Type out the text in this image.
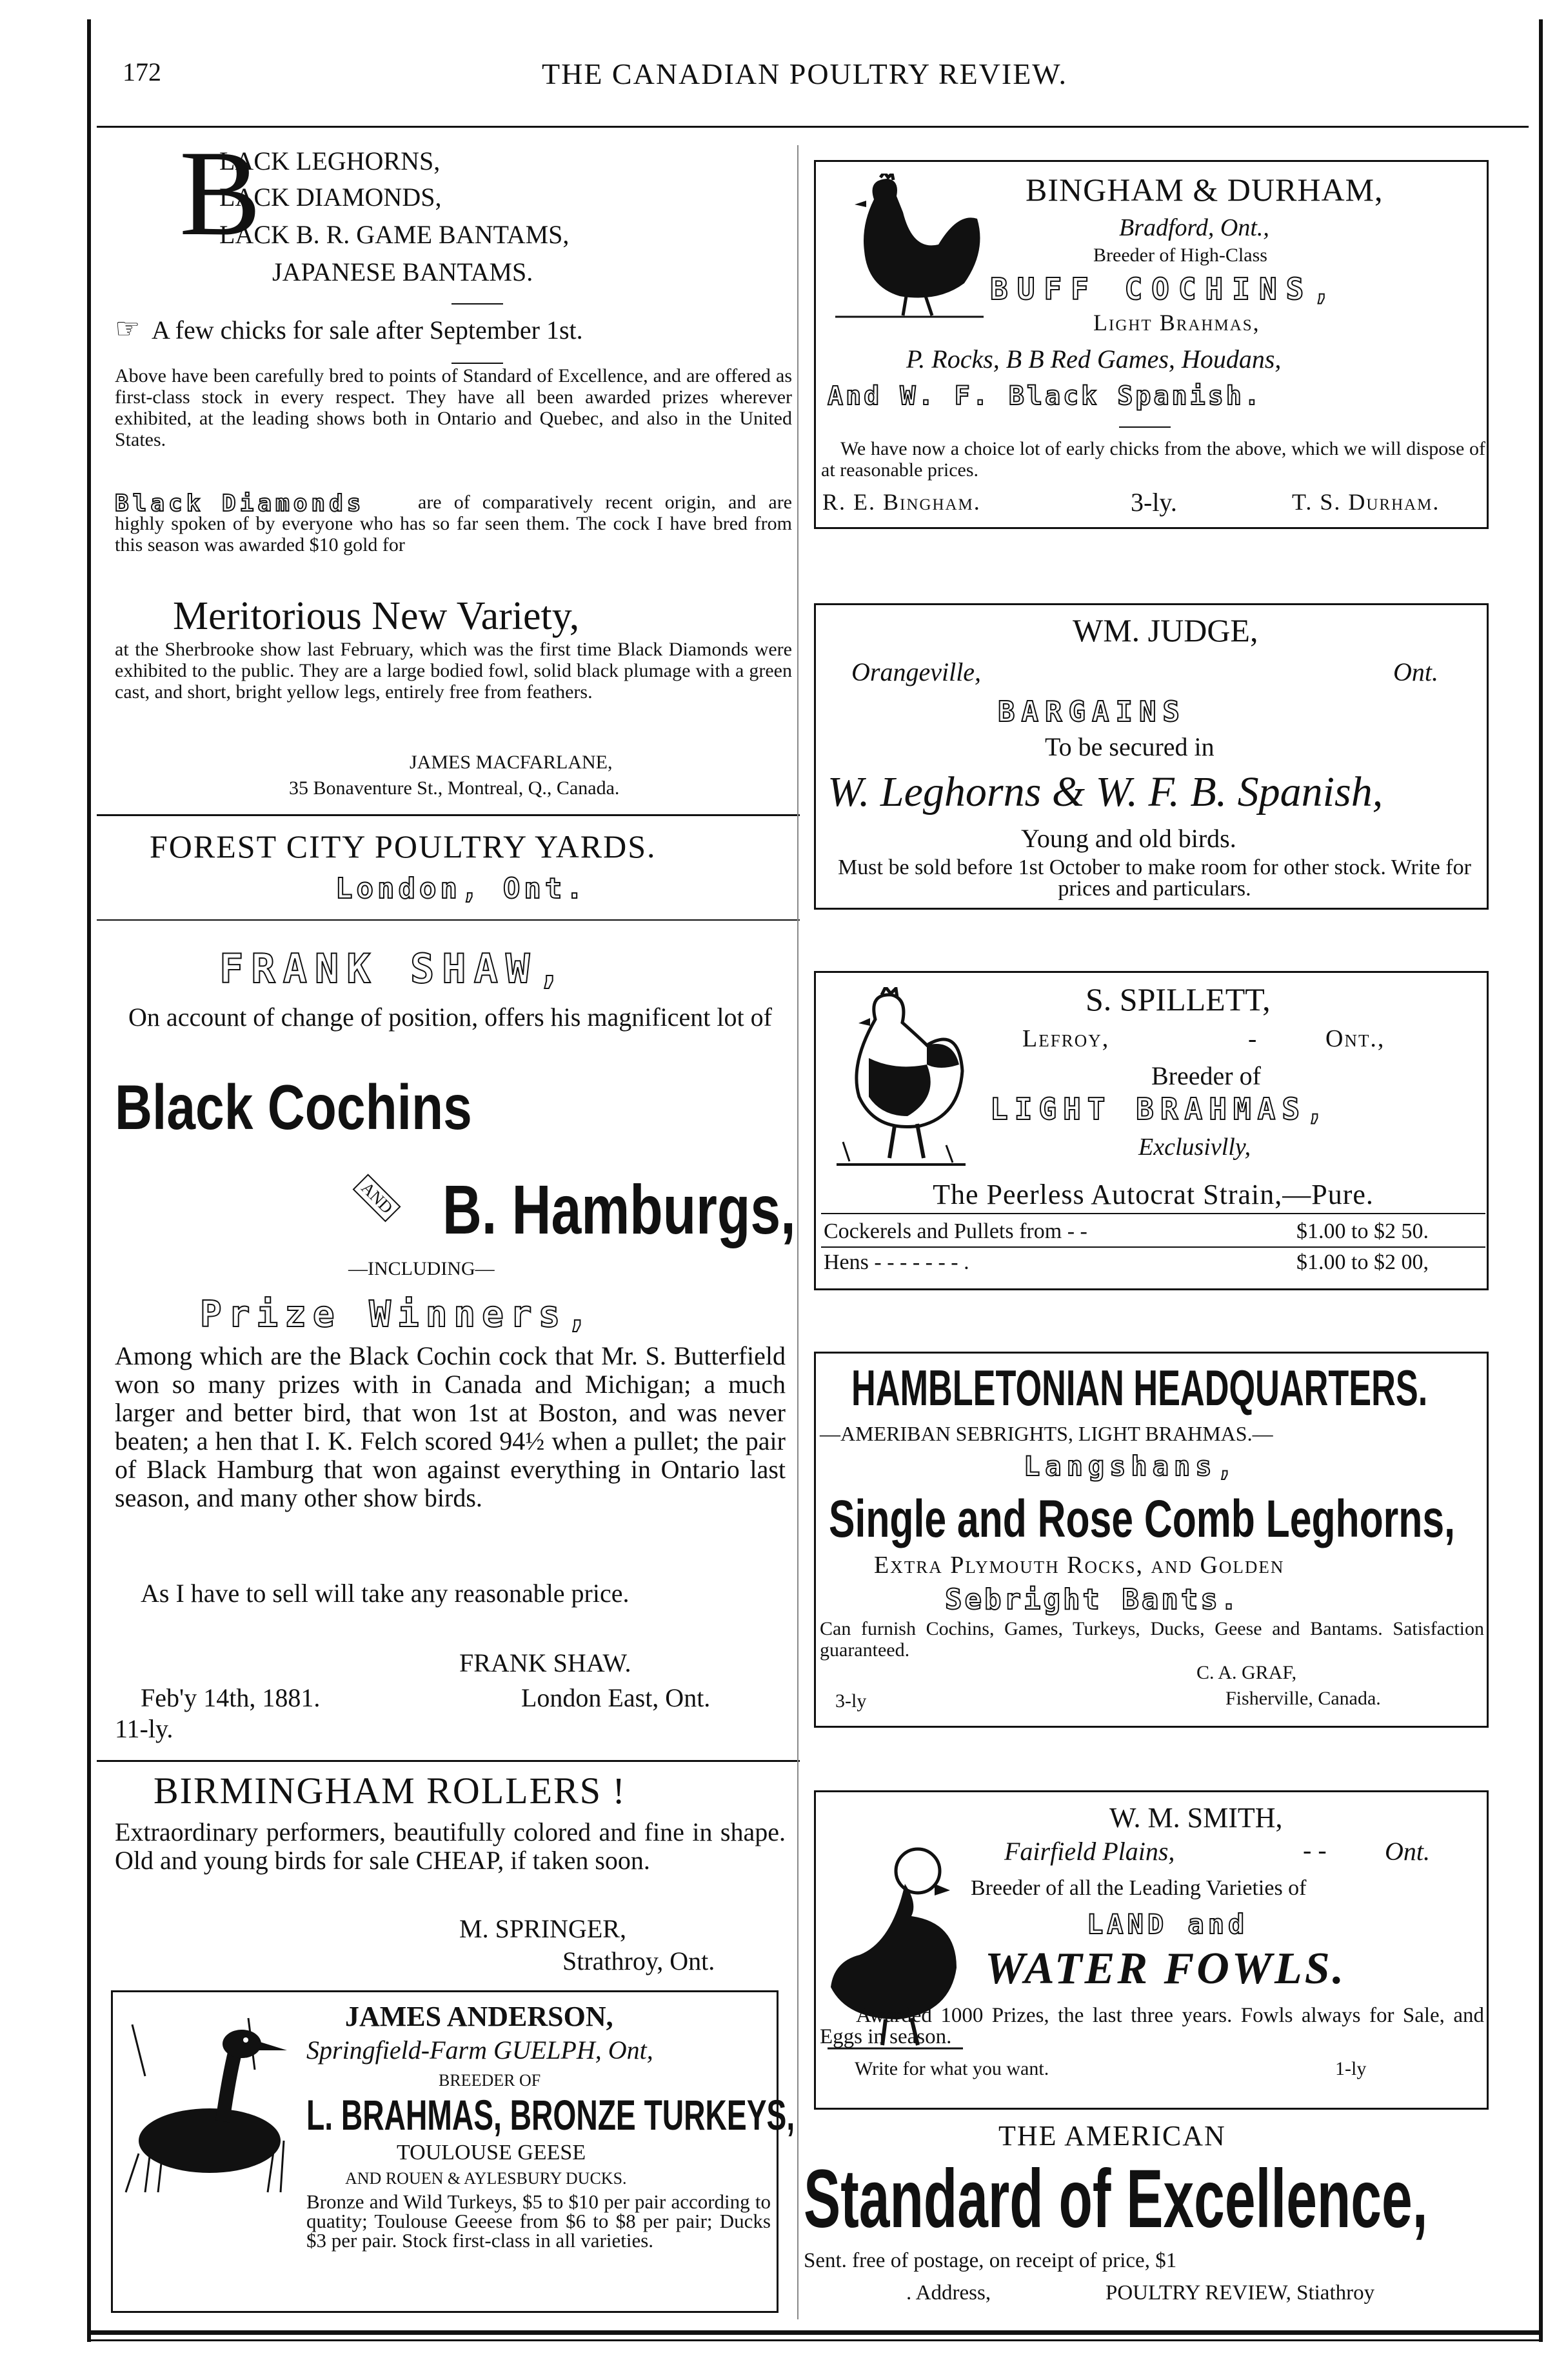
172	THE CANADIAN POULTRY REVIEW.
B
LACK LEGHORNS,
LACK DIAMONDS,
LACK B. R. GAME BANTAMS,
JAPANESE BANTAMS.
☞ A few chicks for sale after September 1st.

Above have been carefully bred to points of Standard of Excellence, and are offered as first-class stock in every respect. They have all been awarded prizes wherever exhibited, at the leading shows both in Ontario and Quebec, and also in the United States.

Black Diamonds	are of comparatively recent origin, and are highly spoken of by everyone who has so far seen them. The cock I have bred from this season was awarded $10 gold for

Meritorious New Variety,

at the Sherbrooke show last February, which was the first time Black Diamonds were exhibited to the public. They are a large bodied fowl, solid black plumage with a green cast, and short, bright yellow legs, entirely free from feathers.

JAMES MACFARLANE,
35 Bonaventure St., Montreal, Q., Canada.
FOREST CITY POULTRY YARDS.
London, Ont.
FRANK SHAW,
On account of change of position, offers his magnificent lot of
Black Cochins
AND B. Hamburgs,
—INCLUDING—
Prize Winners,

Among which are the Black Cochin cock that Mr. S. Butterfield won so many prizes with in Canada and Michigan; a much larger and better bird, that won 1st at Boston, and was never beaten; a hen that I. K. Felch scored 94½ when a pullet; the pair of Black Hamburg that won against everything in Ontario last season, and many other show birds.

As I have to sell will take any reasonable price.

FRANK SHAW.
Feb'y 14th, 1881.	London East, Ont.
11-ly.
BIRMINGHAM ROLLERS !

Extraordinary performers, beautifully colored and fine in shape. Old and young birds for sale CHEAP, if taken soon.

M. SPRINGER,
Strathroy, Ont.
JAMES ANDERSON,
Springfield-Farm GUELPH, Ont,
BREEDER OF
L. BRAHMAS, BRONZE TURKEYS,
TOULOUSE GEESE
AND ROUEN & AYLESBURY DUCKS.

Bronze and Wild Turkeys, $5 to $10 per pair according to quatity; Toulouse Geeese from $6 to $8 per pair; Ducks $3 per pair. Stock first-class in all varieties.

BINGHAM & DURHAM,
Bradford, Ont.,
Breeder of High-Class
BUFF COCHINS,
Light Brahmas,
P. Rocks, B B Red Games, Houdans,
And W. F. Black Spanish.

We have now a choice lot of early chicks from the above, which we will dispose of at reasonable prices.

R. E. Bingham.	3-ly.	T. S. Durham.
WM. JUDGE,
Orangeville,	Ont.
BARGAINS
To be secured in
W. Leghorns & W. F. B. Spanish,
Young and old birds.

Must be sold before 1st October to make room for other stock. Write for prices and particulars.

S. SPILLETT,
Lefroy,	-	Ont.,
Breeder of
LIGHT BRAHMAS,
Exclusivlly,
The Peerless Autocrat Strain,—Pure.
Cockerels and Pullets from - -	$1.00 to $2 50.
Hens - - - - - - - .	$1.00 to $2 00,
HAMBLETONIAN HEADQUARTERS.
—AMERIBAN SEBRIGHTS, LIGHT BRAHMAS.—
Langshans,
Single and Rose Comb Leghorns,
Extra Plymouth Rocks, and Golden
Sebright Bants.

Can furnish Cochins, Games, Turkeys, Ducks, Geese and Bantams. Satisfaction guaranteed.

C. A. GRAF,
3-ly	Fisherville, Canada.
W. M. SMITH,
Fairfield Plains,	- - Ont.
Breeder of all the Leading Varieties of
LAND and
WATER FOWLS.

Awarded 1000 Prizes, the last three years. Fowls always for Sale, and Eggs in season.

Write for what you want.	1-ly
THE AMERICAN
Standard of Excellence,
Sent. free of postage, on receipt of price, $1
. Address,	POULTRY REVIEW, Stiathroy
